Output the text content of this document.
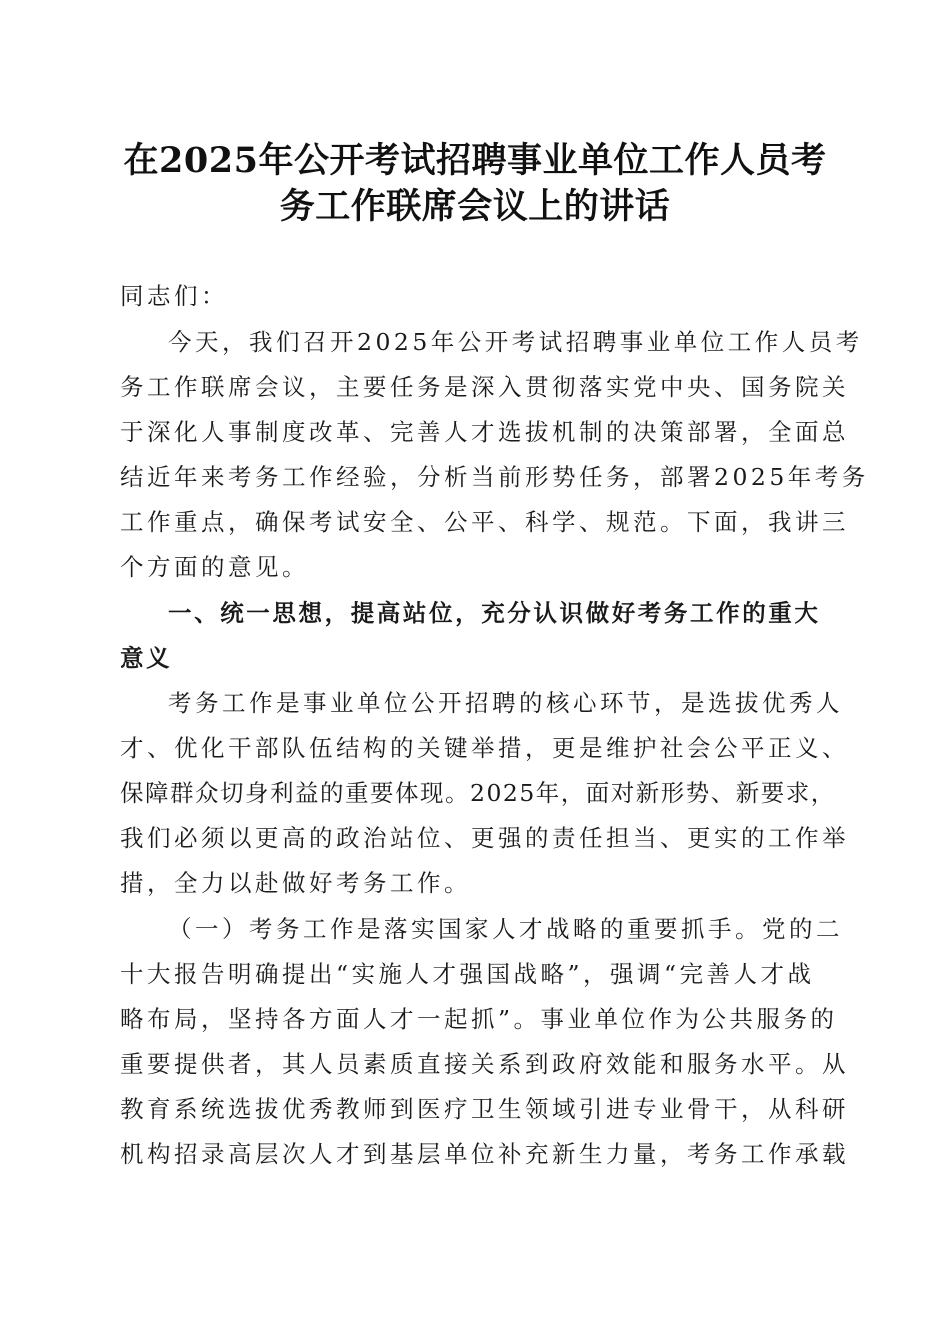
在2025年公开考试招聘事业单位工作人员考
务工作联席会议上的讲话

同志们：

今天，我们召开2025年公开考试招聘事业单位工作人员考

务工作联席会议，主要任务是深入贯彻落实党中央、国务院关

于深化人事制度改革、完善人才选拔机制的决策部署，全面总

结近年来考务工作经验，分析当前形势任务，部署2025年考务

工作重点，确保考试安全、公平、科学、规范。下面，我讲三

个方面的意见。

一、统一思想，提高站位，充分认识做好考务工作的重大

意义

考务工作是事业单位公开招聘的核心环节，是选拔优秀人

才、优化干部队伍结构的关键举措，更是维护社会公平正义、

保障群众切身利益的重要体现。2025年，面对新形势、新要求，

我们必须以更高的政治站位、更强的责任担当、更实的工作举

措，全力以赴做好考务工作。

（一）考务工作是落实国家人才战略的重要抓手。党的二

十大报告明确提出“实施人才强国战略”，强调“完善人才战

略布局，坚持各方面人才一起抓”。事业单位作为公共服务的

重要提供者，其人员素质直接关系到政府效能和服务水平。从

教育系统选拔优秀教师到医疗卫生领域引进专业骨干，从科研

机构招录高层次人才到基层单位补充新生力量，考务工作承载
